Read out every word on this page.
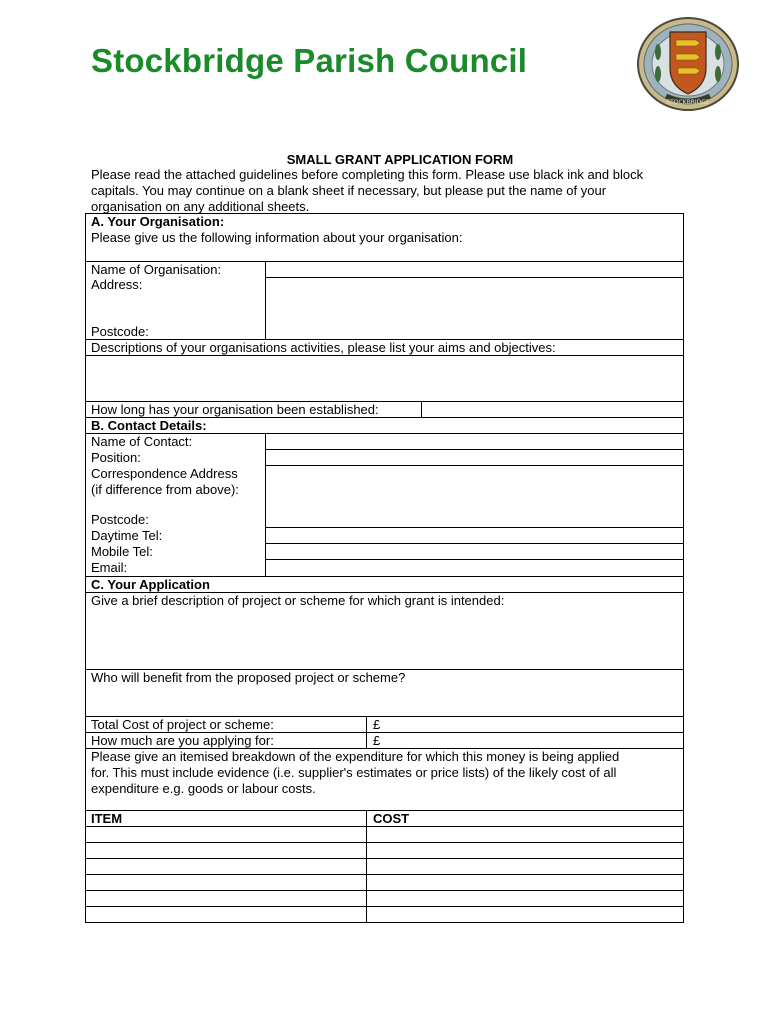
Stockbridge Parish Council
STOCKBRIDGE
SMALL GRANT APPLICATION FORM
Please read the attached guidelines before completing this form. Please use black ink and block
capitals. You may continue on a blank sheet if necessary, but please put the name of your
organisation on any additional sheets.
A. Your Organisation:
Please give us the following information about your organisation:
Name of Organisation:
Address:
Postcode:
Descriptions of your organisations activities, please list your aims and objectives:
How long has your organisation been established:
B. Contact Details:
Name of Contact:
Position:
Correspondence Address
(if difference from above):
Postcode:
Daytime Tel:
Mobile Tel:
Email:
C. Your Application
Give a brief description of project or scheme for which grant is intended:
Who will benefit from the proposed project or scheme?
Total Cost of project or scheme:	£
How much are you applying for:	£
Please give an itemised breakdown of the expenditure for which this money is being applied
for. This must include evidence (i.e. supplier's estimates or price lists) of the likely cost of all
expenditure e.g. goods or labour costs.
ITEM	COST
